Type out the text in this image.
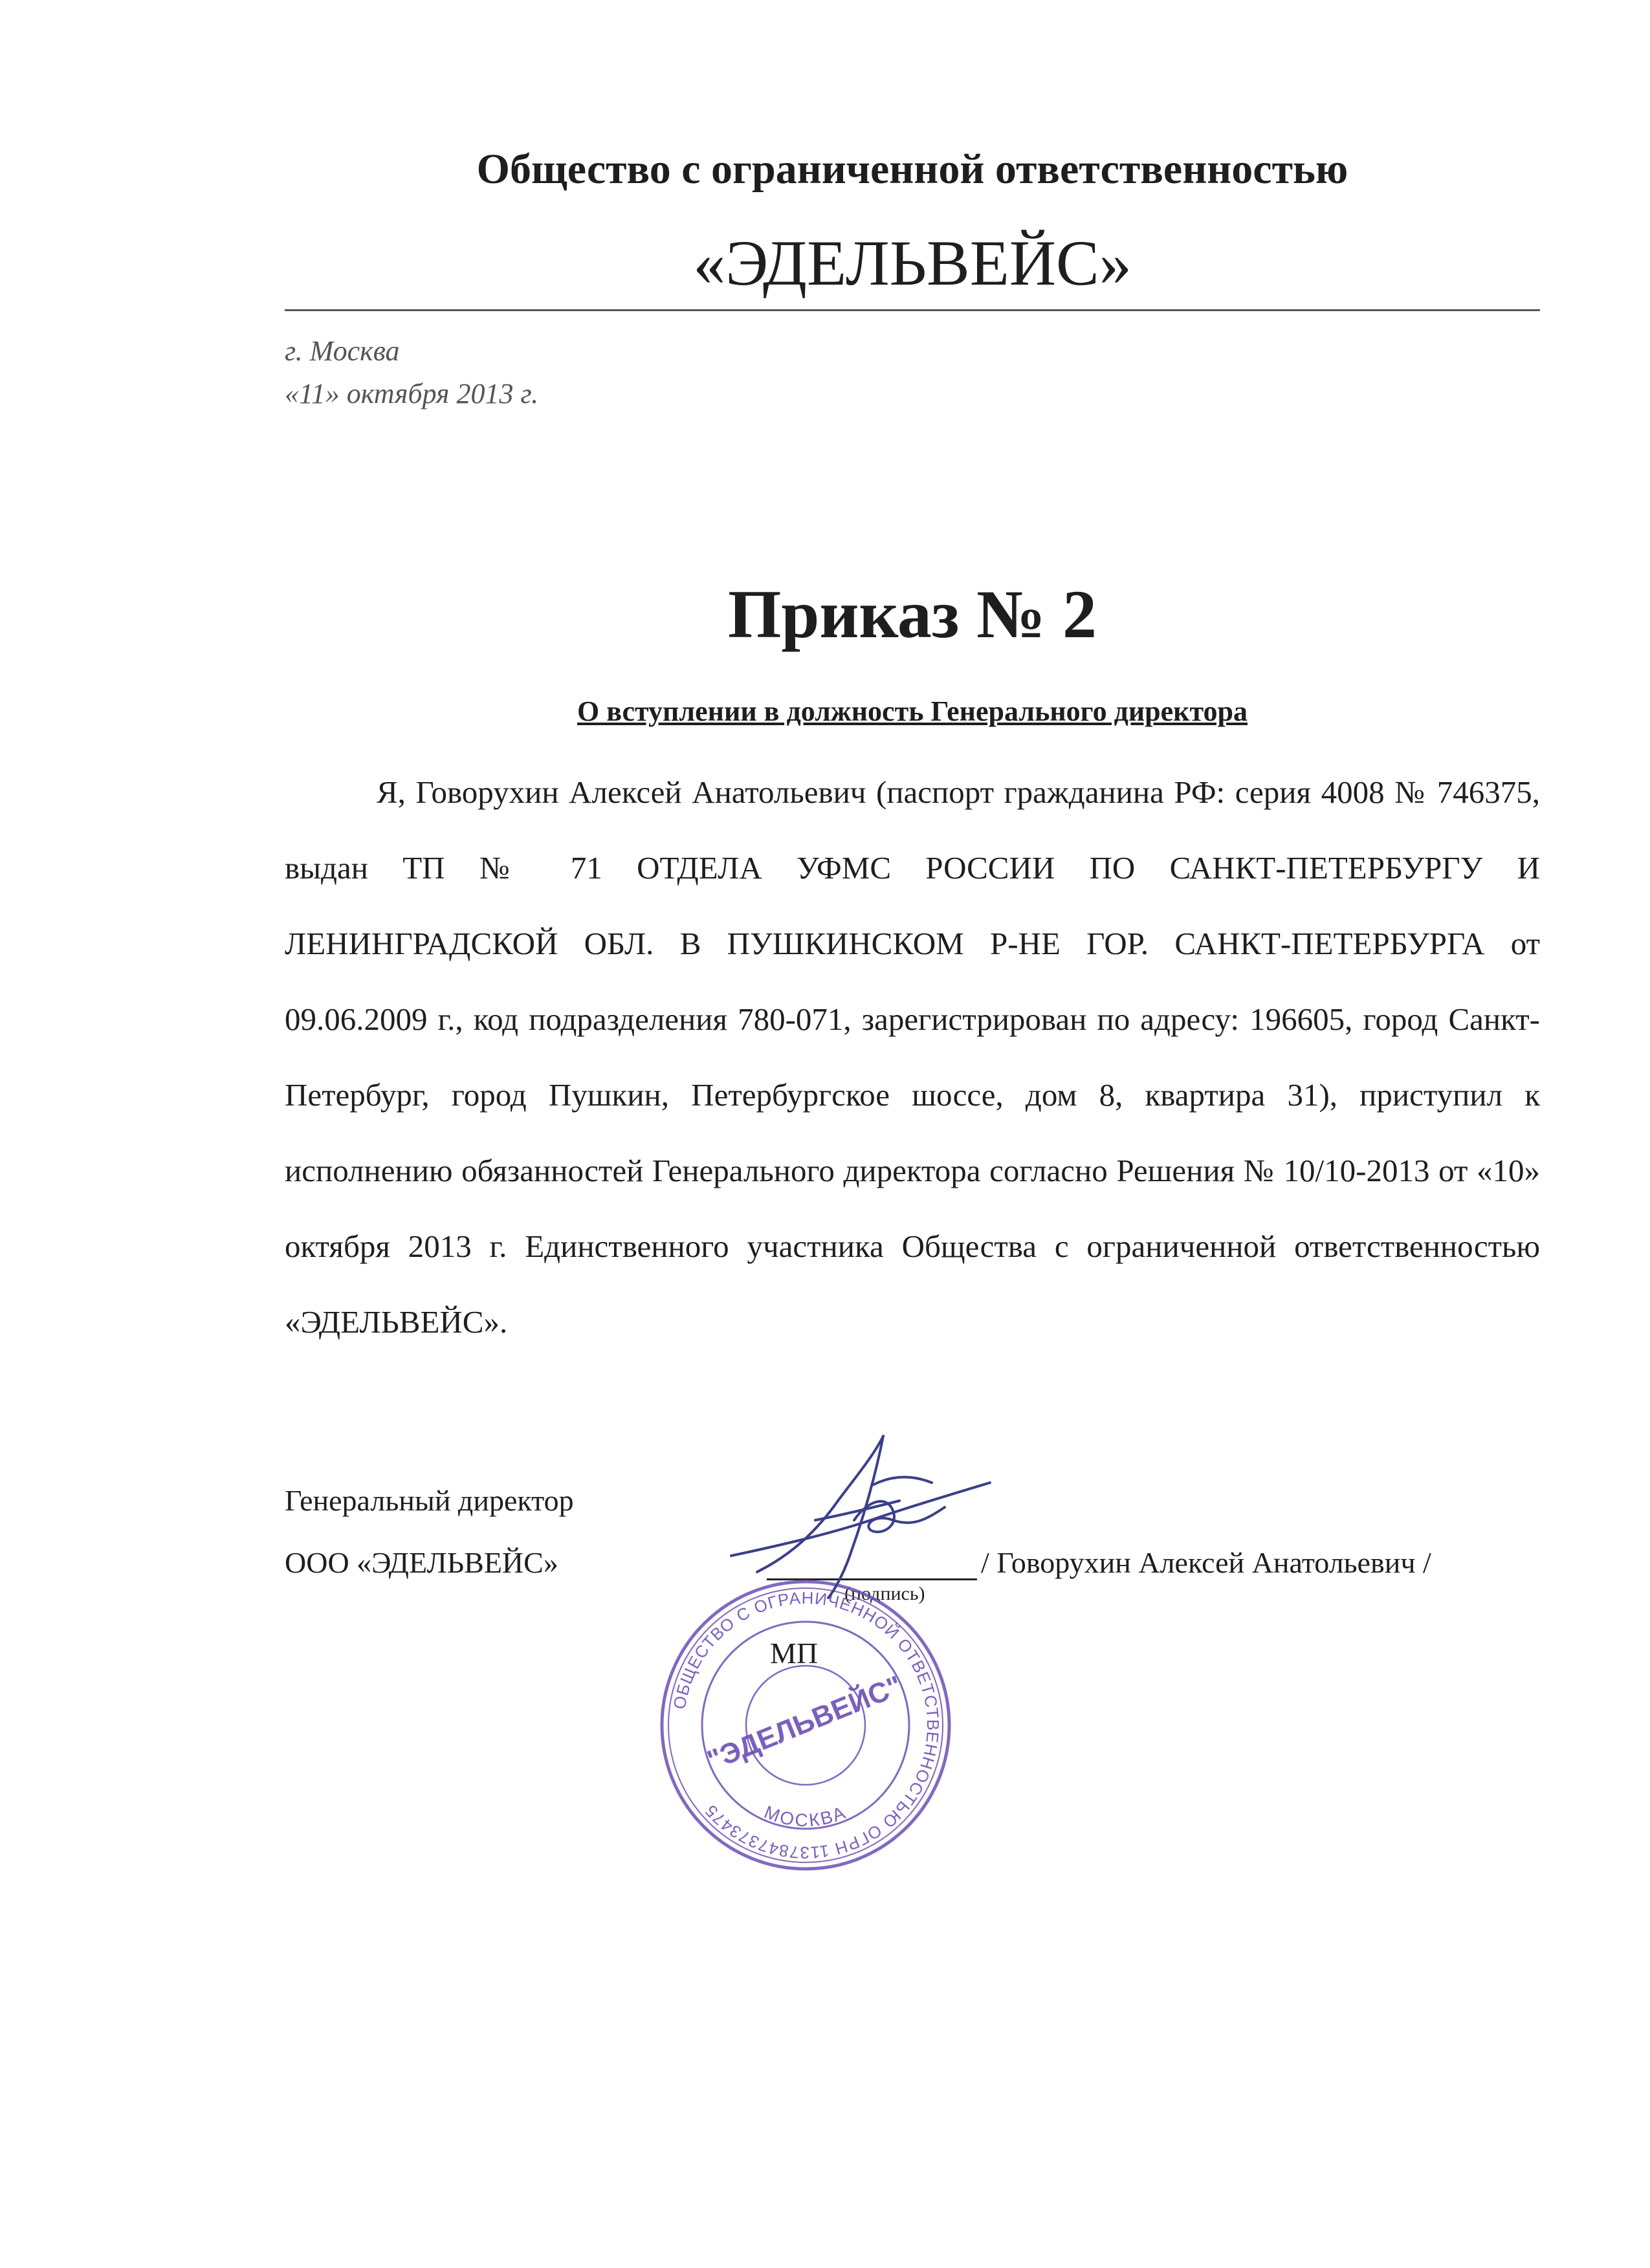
Общество с ограниченной ответственностью
«ЭДЕЛЬВЕЙС»
г. Москва
«11» октября 2013 г.
Приказ № 2
О вступлении в должность Генерального директора

Я, Говорухин Алексей Анатольевич (паспорт гражданина РФ: серия 4008 № 746375, выдан ТП № 71 ОТДЕЛА УФМС РОССИИ ПО САНКТ-ПЕТЕРБУРГУ И ЛЕНИНГРАДСКОЙ ОБЛ. В ПУШКИНСКОМ Р-НЕ ГОР. САНКТ-ПЕТЕРБУРГА от 09.06.2009 г., код подразделения 780-071, зарегистрирован по адресу: 196605, город Санкт-Петербург, город Пушкин, Петербургское шоссе, дом 8, квартира 31), приступил к исполнению обязанностей Генерального директора согласно Решения № 10/10-2013 от «10» октября 2013 г. Единственного участника Общества с ограниченной ответственностью «ЭДЕЛЬВЕЙС».

Генеральный директор
ООО «ЭДЕЛЬВЕЙС»	/ Говорухин Алексей Анатольевич /
(подпись)
МП
ОБЩЕСТВО С ОГРАНИЧЕННОЙ ОТВЕТСТВЕННОСТЬЮ ОГРН 1137847373475	МОСКВА
"ЭДЕЛЬВЕЙС"
